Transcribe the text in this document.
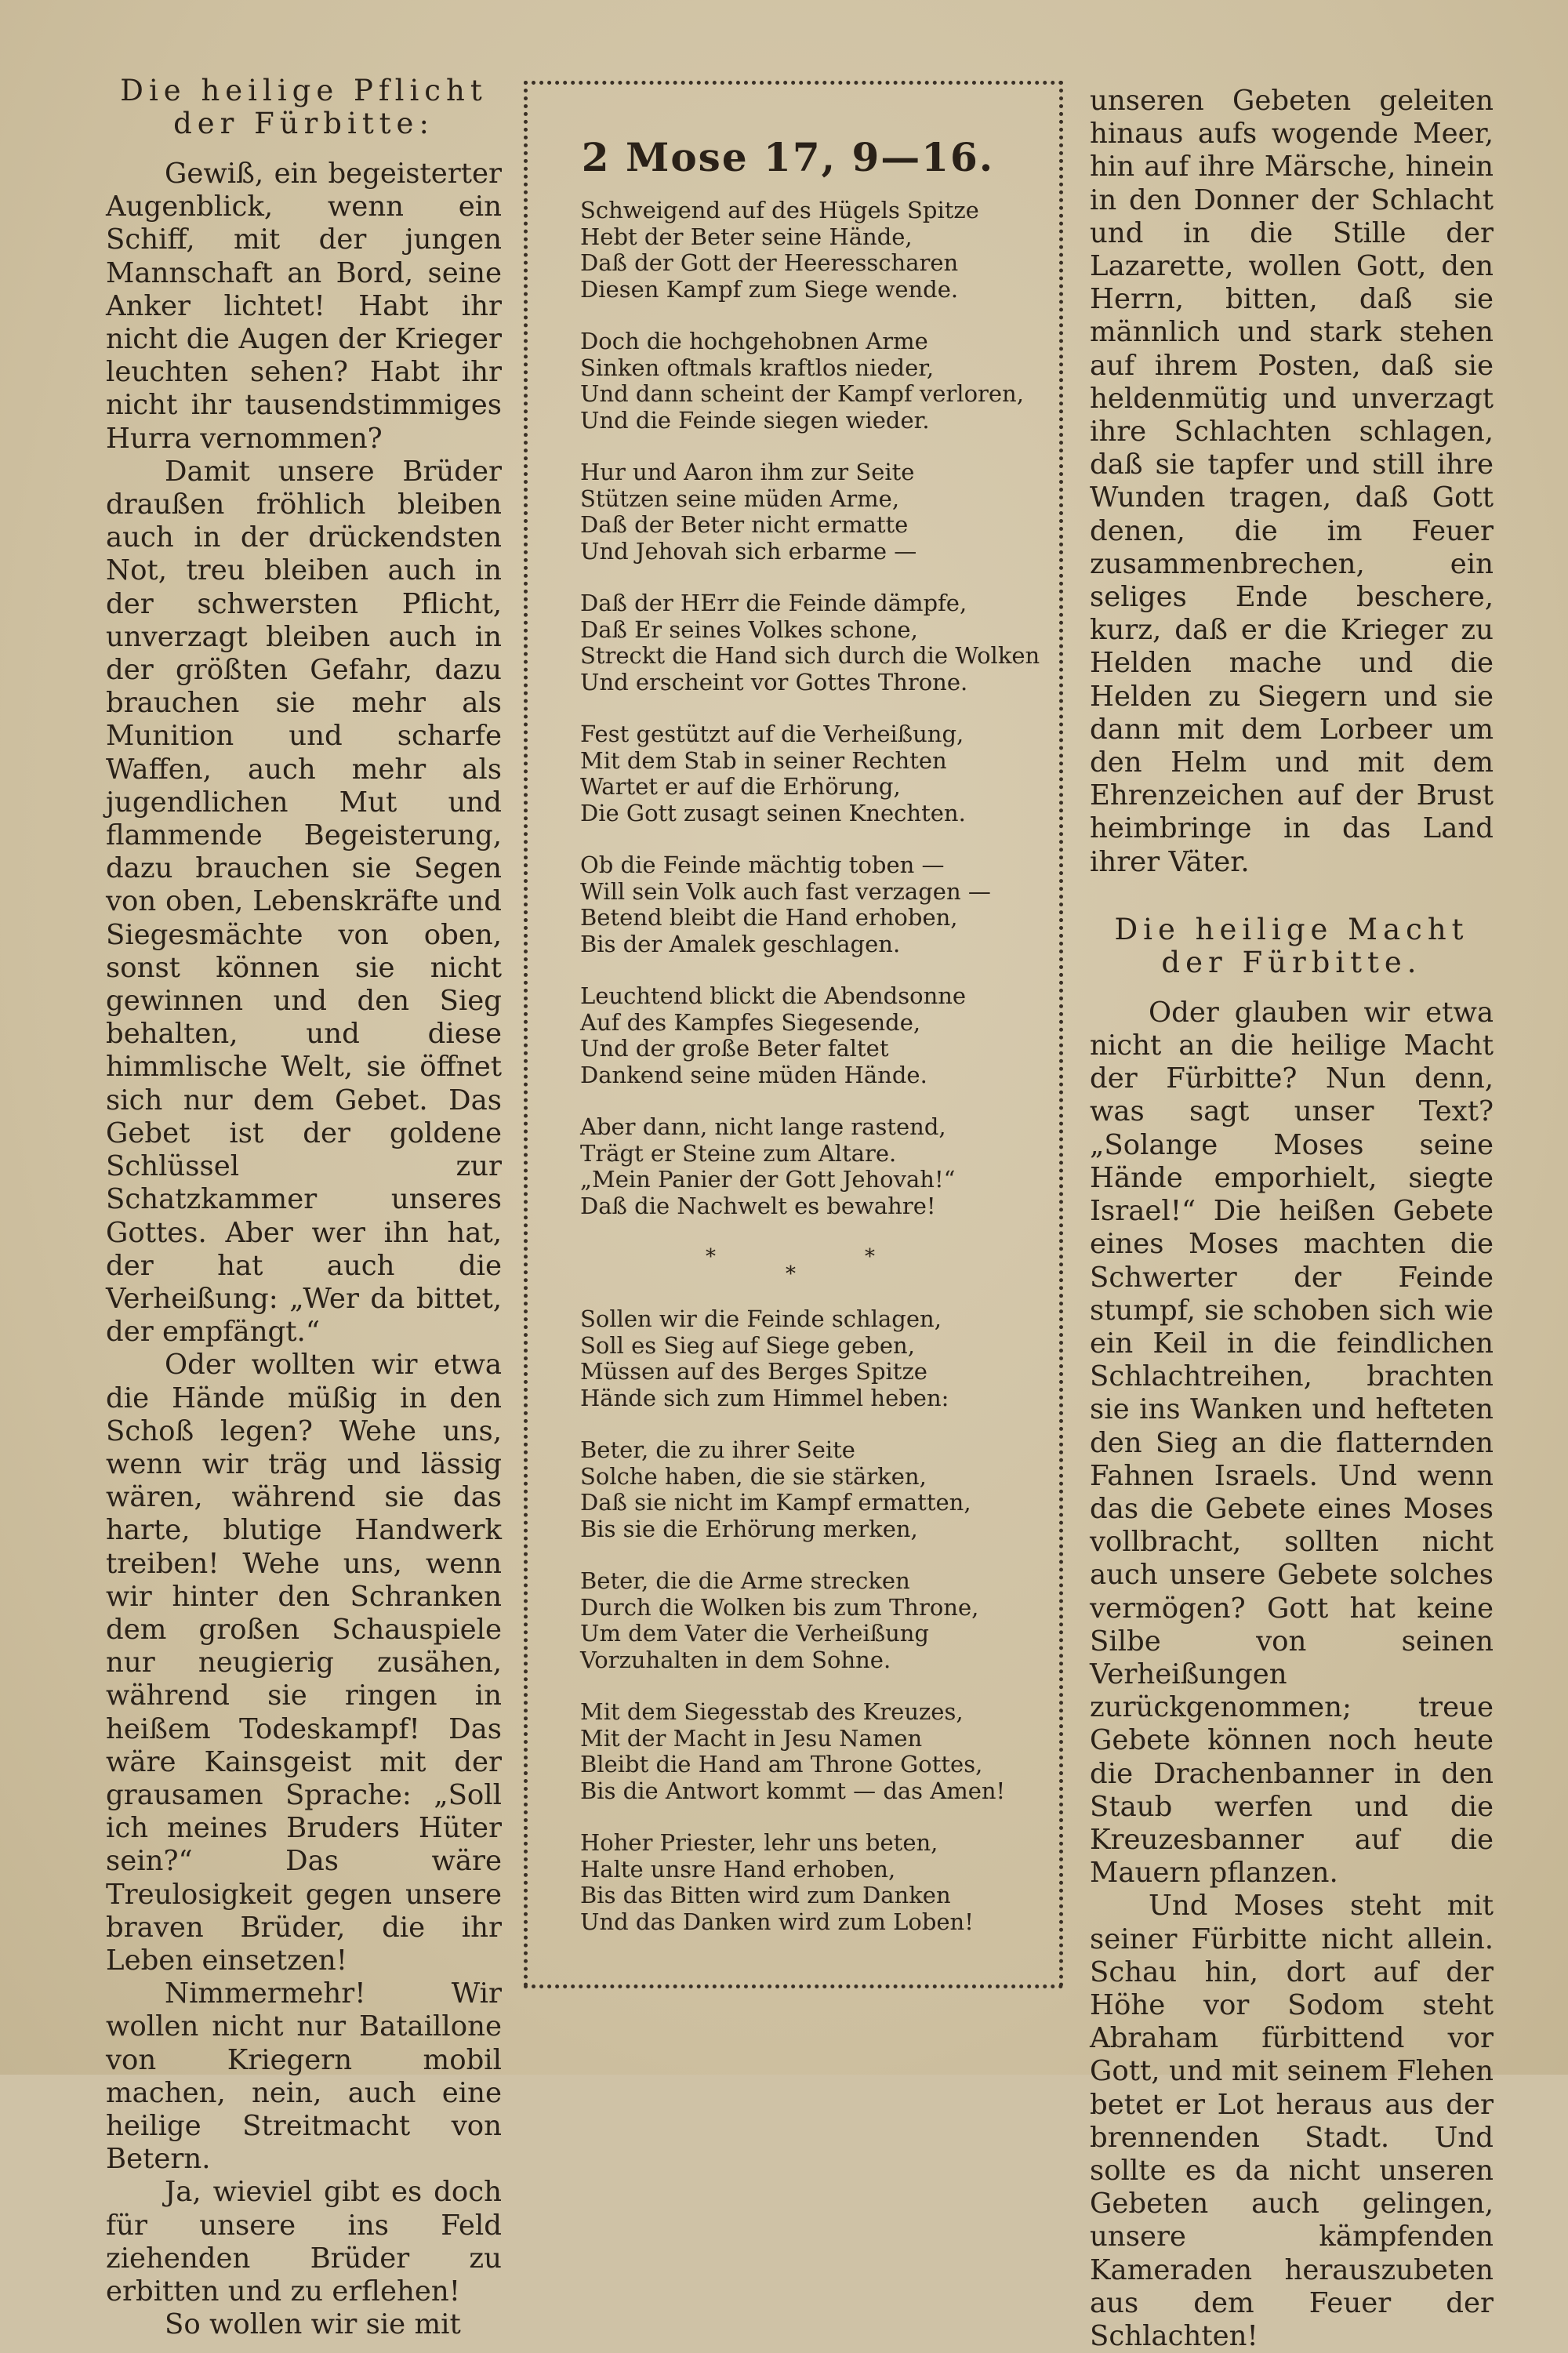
Die heilige Pflicht der Fürbitte:

Gewiß, ein begeisterter Augenblick, wenn ein Schiff, mit der jungen Mannschaft an Bord, seine Anker lichtet! Habt ihr nicht die Augen der Krieger leuchten sehen? Habt ihr nicht ihr tausendstimmiges Hurra vernommen?

Damit unsere Brüder draußen fröhlich bleiben auch in der drückendsten Not, treu bleiben auch in der schwersten Pflicht, unverzagt bleiben auch in der größten Gefahr, dazu brauchen sie mehr als Munition und scharfe Waffen, auch mehr als jugendlichen Mut und flammende Begeisterung, dazu brauchen sie Segen von oben, Lebenskräfte und Siegesmächte von oben, sonst können sie nicht gewinnen und den Sieg behalten, und diese himmlische Welt, sie öffnet sich nur dem Gebet. Das Gebet ist der goldene Schlüssel zur Schatzkammer unseres Gottes. Aber wer ihn hat, der hat auch die Verheißung: „Wer da bittet, der empfängt.“

Oder wollten wir etwa die Hände müßig in den Schoß legen? Wehe uns, wenn wir träg und lässig wären, während sie das harte, blutige Handwerk treiben! Wehe uns, wenn wir hinter den Schranken dem großen Schauspiele nur neugierig zusähen, während sie ringen in heißem Todeskampf! Das wäre Kainsgeist mit der grausamen Sprache: „Soll ich meines Bruders Hüter sein?“ Das wäre Treulosigkeit gegen unsere braven Brüder, die ihr Leben einsetzen!

Nimmermehr! Wir wollen nicht nur Bataillone von Kriegern mobil machen, nein, auch eine heilige Streitmacht von Betern.

Ja, wieviel gibt es doch für unsere ins Feld ziehenden Brüder zu erbitten und zu erflehen!

So wollen wir sie mit

2 Mose 17, 9—16.
Schweigend auf des Hügels Spitze
Hebt der Beter seine Hände,
Daß der Gott der Heeresscharen
Diesen Kampf zum Siege wende.
Doch die hochgehobnen Arme
Sinken oftmals kraftlos nieder,
Und dann scheint der Kampf verloren,
Und die Feinde siegen wieder.
Hur und Aaron ihm zur Seite
Stützen seine müden Arme,
Daß der Beter nicht ermatte
Und Jehovah sich erbarme —
Daß der HErr die Feinde dämpfe,
Daß Er seines Volkes schone,
Streckt die Hand sich durch die Wolken
Und erscheint vor Gottes Throne.
Fest gestützt auf die Verheißung,
Mit dem Stab in seiner Rechten
Wartet er auf die Erhörung,
Die Gott zusagt seinen Knechten.
Ob die Feinde mächtig toben —
Will sein Volk auch fast verzagen —
Betend bleibt die Hand erhoben,
Bis der Amalek geschlagen.
Leuchtend blickt die Abendsonne
Auf des Kampfes Siegesende,
Und der große Beter faltet
Dankend seine müden Hände.
Aber dann, nicht lange rastend,
Trägt er Steine zum Altare.
„Mein Panier der Gott Jehovah!“
Daß die Nachwelt es bewahre!
*
*
*
Sollen wir die Feinde schlagen,
Soll es Sieg auf Siege geben,
Müssen auf des Berges Spitze
Hände sich zum Himmel heben:
Beter, die zu ihrer Seite
Solche haben, die sie stärken,
Daß sie nicht im Kampf ermatten,
Bis sie die Erhörung merken,
Beter, die die Arme strecken
Durch die Wolken bis zum Throne,
Um dem Vater die Verheißung
Vorzuhalten in dem Sohne.
Mit dem Siegesstab des Kreuzes,
Mit der Macht in Jesu Namen
Bleibt die Hand am Throne Gottes,
Bis die Antwort kommt — das Amen!
Hoher Priester, lehr uns beten,
Halte unsre Hand erhoben,
Bis das Bitten wird zum Danken
Und das Danken wird zum Loben!

unseren Gebeten geleiten hinaus aufs wogende Meer, hin auf ihre Märsche, hinein in den Donner der Schlacht und in die Stille der Lazarette, wollen Gott, den Herrn, bitten, daß sie männlich und stark stehen auf ihrem Posten, daß sie heldenmütig und unverzagt ihre Schlachten schlagen, daß sie tapfer und still ihre Wunden tragen, daß Gott denen, die im Feuer zusammenbrechen, ein seliges Ende beschere, kurz, daß er die Krieger zu Helden mache und die Helden zu Siegern und sie dann mit dem Lorbeer um den Helm und mit dem Ehrenzeichen auf der Brust heimbringe in das Land ihrer Väter.

Die heilige Macht der Fürbitte.

Oder glauben wir etwa nicht an die heilige Macht der Fürbitte? Nun denn, was sagt unser Text? „Solange Moses seine Hände emporhielt, siegte Israel!“ Die heißen Gebete eines Moses machten die Schwerter der Feinde stumpf, sie schoben sich wie ein Keil in die feindlichen Schlachtreihen, brachten sie ins Wanken und hefteten den Sieg an die flatternden Fahnen Israels. Und wenn das die Gebete eines Moses vollbracht, sollten nicht auch unsere Gebete solches vermögen? Gott hat keine Silbe von seinen Verheißungen zurückgenommen; treue Gebete können noch heute die Drachenbanner in den Staub werfen und die Kreuzesbanner auf die Mauern pflanzen.

Und Moses steht mit seiner Fürbitte nicht allein. Schau hin, dort auf der Höhe vor Sodom steht Abraham fürbittend vor Gott, und mit seinem Flehen betet er Lot heraus aus der brennenden Stadt. Und sollte es da nicht unseren Gebeten auch gelingen, unsere kämpfenden Kameraden herauszubeten aus dem Feuer der Schlachten!
